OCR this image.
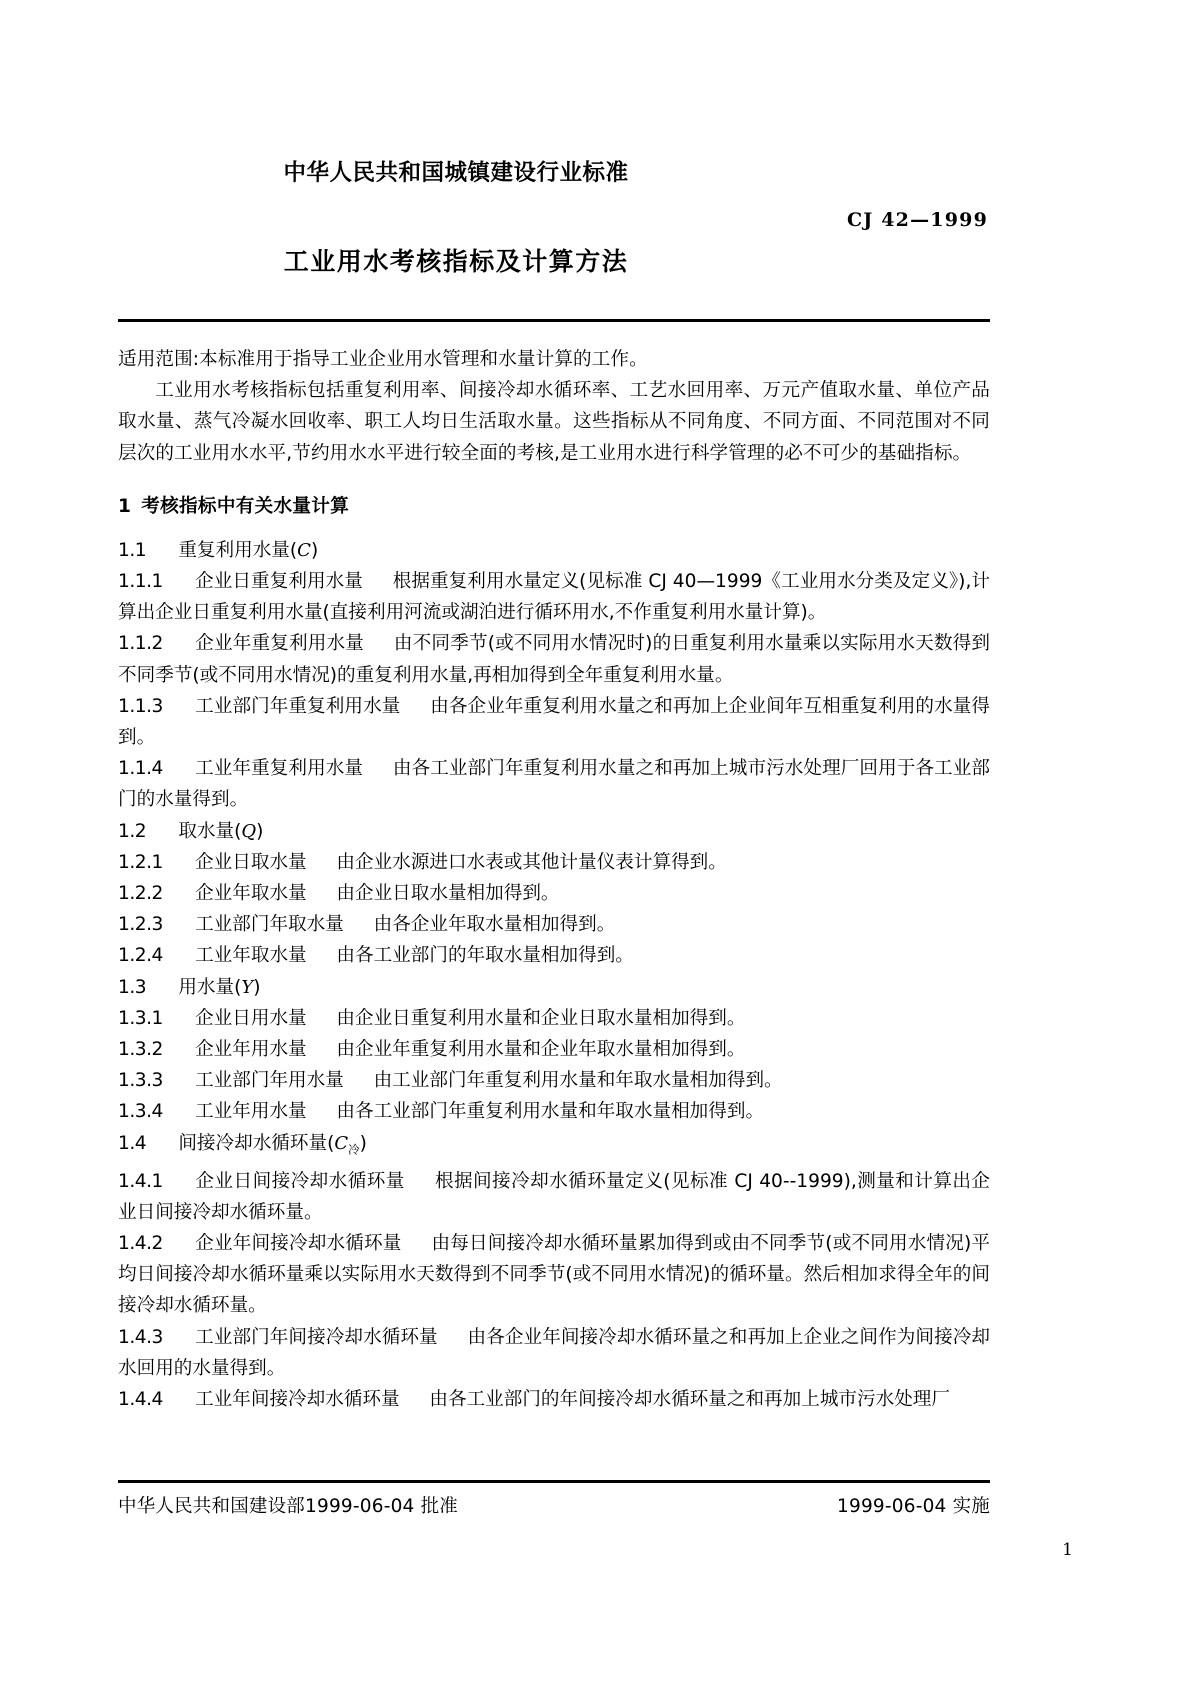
中华人民共和国城镇建设行业标准
CJ 42—1999
工业用水考核指标及计算方法

适用范围:本标准用于指导工业企业用水管理和水量计算的工作。

工业用水考核指标包括重复利用率、间接冷却水循环率、工艺水回用率、万元产值取水量、单位产品取水量、蒸气冷凝水回收率、职工人均日生活取水量。这些指标从不同角度、不同方面、不同范围对不同层次的工业用水水平,节约用水水平进行较全面的考核,是工业用水进行科学管理的必不可少的基础指标。

1 考核指标中有关水量计算

1.1 重复利用水量(C)

1.1.1 企业日重复利用水量 根据重复利用水量定义(见标准 CJ 40—1999《工业用水分类及定义》),计算出企业日重复利用水量(直接利用河流或湖泊进行循环用水,不作重复利用水量计算)。

1.1.2 企业年重复利用水量 由不同季节(或不同用水情况时)的日重复利用水量乘以实际用水天数得到不同季节(或不同用水情况)的重复利用水量,再相加得到全年重复利用水量。

1.1.3 工业部门年重复利用水量 由各企业年重复利用水量之和再加上企业间年互相重复利用的水量得到。

1.1.4 工业年重复利用水量 由各工业部门年重复利用水量之和再加上城市污水处理厂回用于各工业部门的水量得到。

1.2 取水量(Q)

1.2.1 企业日取水量 由企业水源进口水表或其他计量仪表计算得到。

1.2.2 企业年取水量 由企业日取水量相加得到。

1.2.3 工业部门年取水量 由各企业年取水量相加得到。

1.2.4 工业年取水量 由各工业部门的年取水量相加得到。

1.3 用水量(Y)

1.3.1 企业日用水量 由企业日重复利用水量和企业日取水量相加得到。

1.3.2 企业年用水量 由企业年重复利用水量和企业年取水量相加得到。

1.3.3 工业部门年用水量 由工业部门年重复利用水量和年取水量相加得到。

1.3.4 工业年用水量 由各工业部门年重复利用水量和年取水量相加得到。

1.4 间接冷却水循环量$(C_冷)$

1.4.1 企业日间接冷却水循环量 根据间接冷却水循环量定义(见标准 CJ 40--1999),测量和计算出企业日间接冷却水循环量。

1.4.2 企业年间接冷却水循环量 由每日间接冷却水循环量累加得到或由不同季节(或不同用水情况)平均日间接冷却水循环量乘以实际用水天数得到不同季节(或不同用水情况)的循环量。然后相加求得全年的间接冷却水循环量。

1.4.3 工业部门年间接冷却水循环量 由各企业年间接冷却水循环量之和再加上企业之间作为间接冷却水回用的水量得到。

1.4.4 工业年间接冷却水循环量 由各工业部门的年间接冷却水循环量之和再加上城市污水处理厂

中华人民共和国建设部1999-06-04 批准	1999-06-04 实施
1
